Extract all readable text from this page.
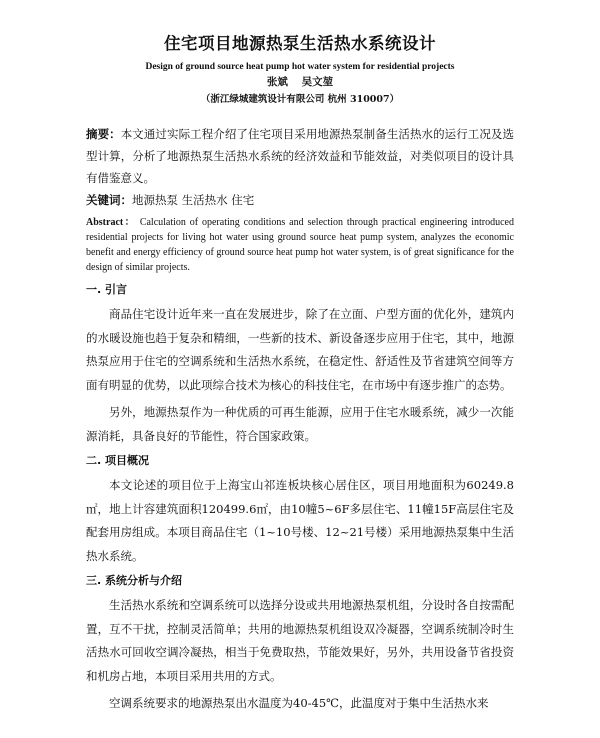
住宅项目地源热泵生活热水系统设计
Design of ground source heat pump hot water system for residential projects
张斌 吴文堃
（浙江绿城建筑设计有限公司 杭州 310007）

摘要：本文通过实际工程介绍了住宅项目采用地源热泵制备生活热水的运行工况及选型计算，分析了地源热泵生活热水系统的经济效益和节能效益，对类似项目的设计具有借鉴意义。

关键词：地源热泵 生活热水 住宅

Abstract： Calculation of operating conditions and selection through practical engineering introduced residential projects for living hot water using ground source heat pump system, analyzes the economic benefit and energy efficiency of ground source heat pump hot water system, is of great significance for the design of similar projects.

一. 引言

商品住宅设计近年来一直在发展进步，除了在立面、户型方面的优化外，建筑内的水暖设施也趋于复杂和精细，一些新的技术、新设备逐步应用于住宅，其中，地源热泵应用于住宅的空调系统和生活热水系统，在稳定性、舒适性及节省建筑空间等方面有明显的优势，以此项综合技术为核心的科技住宅，在市场中有逐步推广的态势。

另外，地源热泵作为一种优质的可再生能源，应用于住宅水暖系统，减少一次能源消耗，具备良好的节能性，符合国家政策。

二. 项目概况

本文论述的项目位于上海宝山祁连板块核心居住区，项目用地面积为60249.8㎡，地上计容建筑面积120499.6㎡，由10幢5~6F多层住宅、11幢15F高层住宅及配套用房组成。本项目商品住宅（1~10号楼、12~21号楼）采用地源热泵集中生活热水系统。

三. 系统分析与介绍

生活热水系统和空调系统可以选择分设或共用地源热泵机组，分设时各自按需配置，互不干扰，控制灵活简单；共用的地源热泵机组设双冷凝器，空调系统制冷时生活热水可回收空调冷凝热，相当于免费取热，节能效果好，另外，共用设备节省投资和机房占地，本项目采用共用的方式。

空调系统要求的地源热泵出水温度为40-45℃，此温度对于集中生活热水来
